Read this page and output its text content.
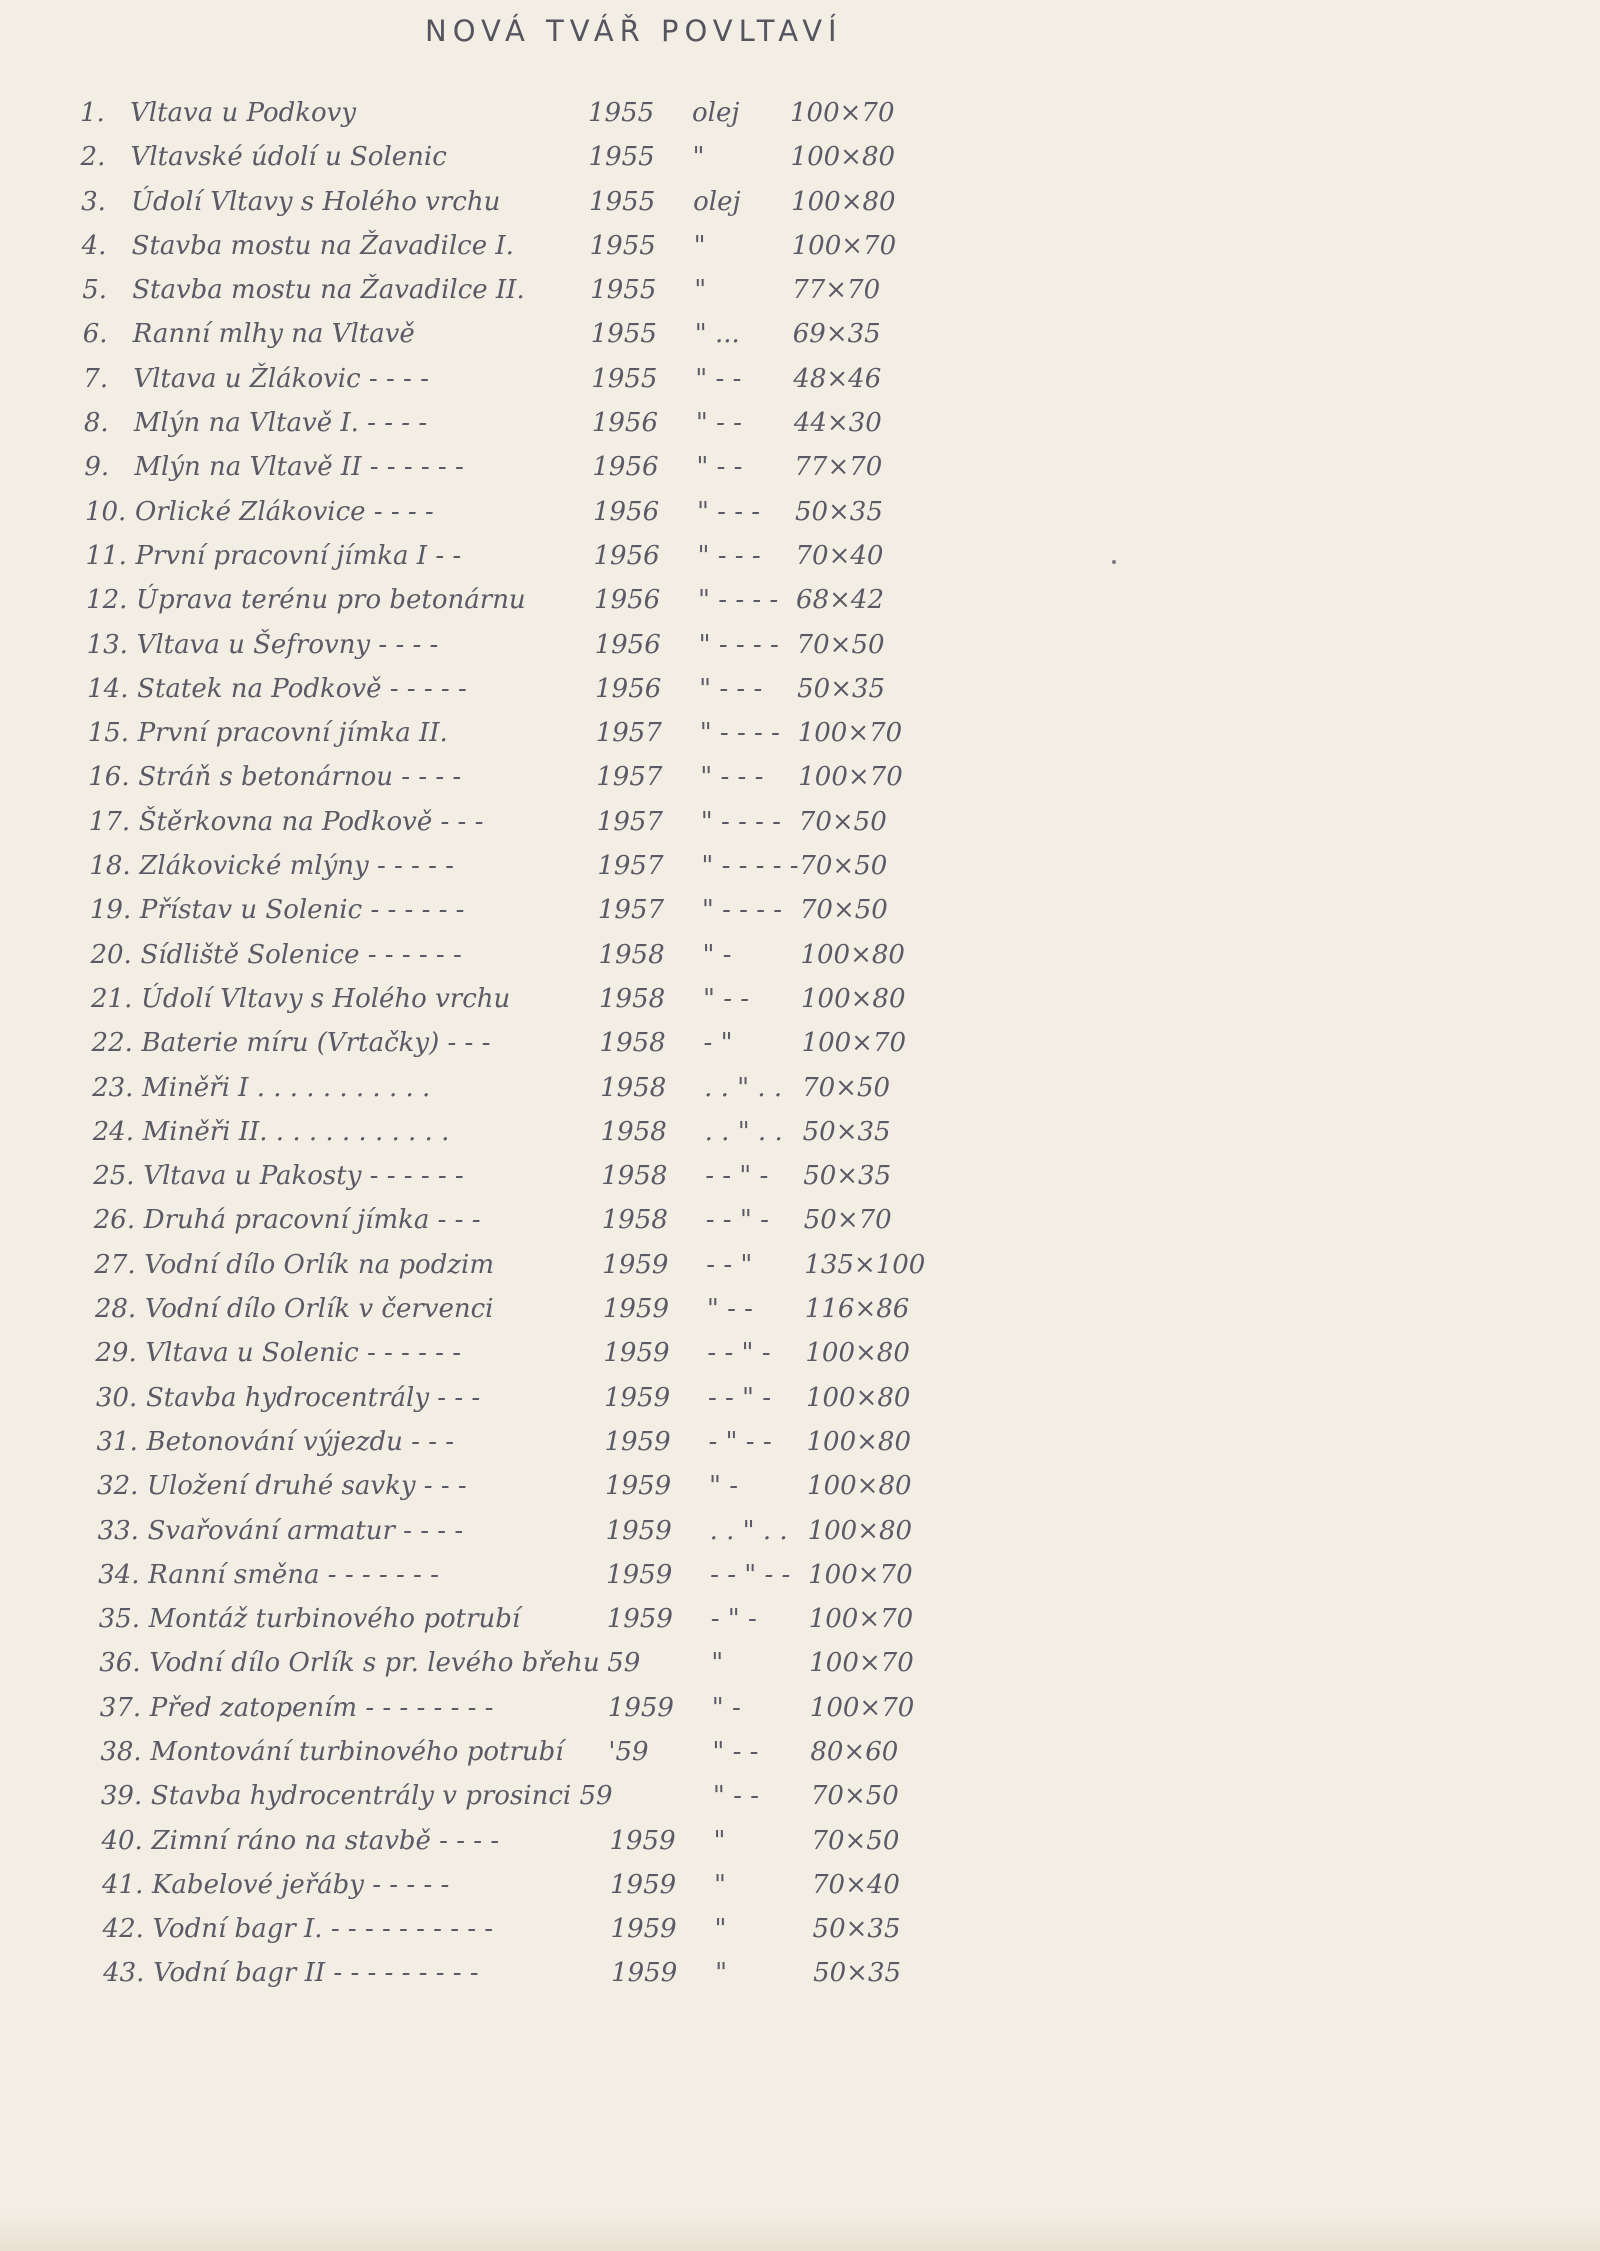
NOVÁ TVÁŘ POVLTAVÍ
1. Vltava u Podkovy	1955 olej 100×70
2. Vltavské údolí u Solenic	1955 "	100×80
3. Údolí Vltavy s Holého vrchu	1955 olej 100×80
4. Stavba mostu na Žavadilce I.	1955 "	100×70
5. Stavba mostu na Žavadilce II.	1955 "	77×70
6. Ranní mlhy na Vltavě	1955 " ... 69×35
7. Vltava u Žlákovic - - - -	1955 " - - 48×46
8. Mlýn na Vltavě I. - - - -	1956 " - - 44×30
9. Mlýn na Vltavě II - - - - - -	1956 " - - 77×70
10. Orlické Zlákovice - - - -	1956 " - - - 50×35
11. První pracovní jímka I - -	1956 " - - - 70×40
12. Úprava terénu pro betonárnu	1956 " - - - - 68×42
13. Vltava u Šefrovny - - - -	1956 " - - - - 70×50
14. Statek na Podkově - - - - -	1956 " - - - 50×35
15. První pracovní jímka II.	1957 " - - - - 100×70
16. Stráň s betonárnou - - - -	1957 " - - - 100×70
17. Štěrkovna na Podkově - - -	1957 " - - - - 70×50
18. Zlákovické mlýny - - - - -	1957 " - - - - - 70×50
19. Přístav u Solenic - - - - - -	1957 " - - - - 70×50
20. Sídliště Solenice - - - - - -	1958 " -	100×80
21. Údolí Vltavy s Holého vrchu	1958 " - - 100×80
22. Baterie míru (Vrtačky) - - -	1958 - "	100×70
23. Miněři I . . . . . . . . . . .	1958 . . " . . 70×50
24. Miněři II. . . . . . . . . . . .	1958 . . " . . 50×35
25. Vltava u Pakosty - - - - - -	1958 - - " - 50×35
26. Druhá pracovní jímka - - -	1958 - - " - 50×70
27. Vodní dílo Orlík na podzim	1959 - - " 135×100
28. Vodní dílo Orlík v červenci	1959 " - - 116×86
29. Vltava u Solenic - - - - - -	1959 - - " - 100×80
30. Stavba hydrocentrály - - -	1959 - - " - 100×80
31. Betonování výjezdu - - -	1959 - " - - 100×80
32. Uložení druhé savky - - -	1959 " -	100×80
33. Svařování armatur - - - -	1959 . . " . . 100×80
34. Ranní směna - - - - - - -	1959 - - " - - 100×70
35. Montáž turbinového potrubí	1959 - " - 100×70
36. Vodní dílo Orlík s pr. levého břehu 59	"	100×70
37. Před zatopením - - - - - - - -	1959 " -	100×70
38. Montování turbinového potrubí '59 " - - 80×60
39. Stavba hydrocentrály v prosinci 59	" - - 70×50
40. Zimní ráno na stavbě - - - -	1959 "	70×50
41. Kabelové jeřáby - - - - -	1959 "	70×40
42. Vodní bagr I. - - - - - - - - - -	1959 "	50×35
43. Vodní bagr II - - - - - - - - -	1959 "	50×35
